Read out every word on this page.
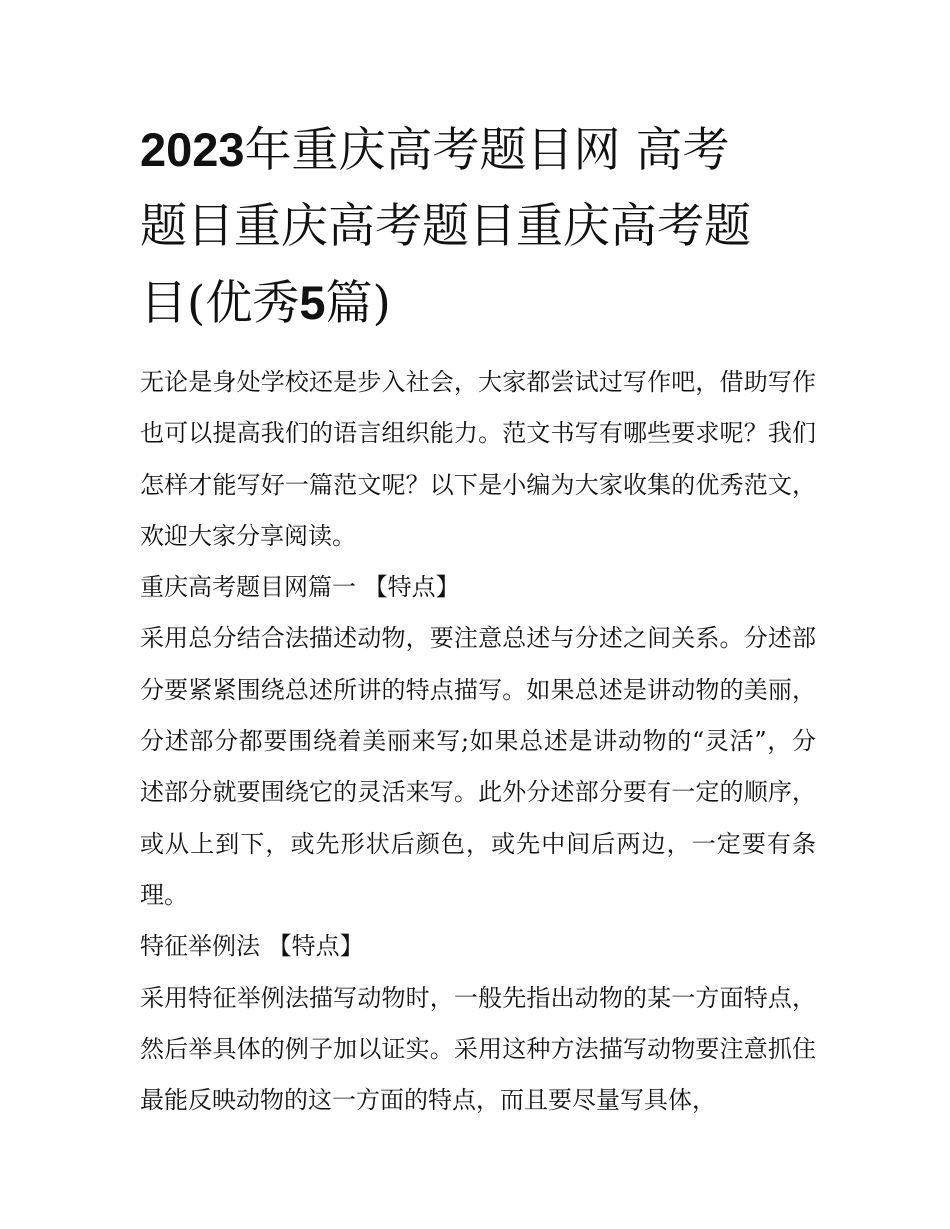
2023年重庆高考题目网 高考
题目重庆高考题目重庆高考题
目(优秀5篇)

无论是身处学校还是步入社会，大家都尝试过写作吧，借助写作也可以提高我们的语言组织能力。范文书写有哪些要求呢？我们怎样才能写好一篇范文呢？以下是小编为大家收集的优秀范文，欢迎大家分享阅读。

重庆高考题目网篇一 【特点】

采用总分结合法描述动物，要注意总述与分述之间关系。分述部分要紧紧围绕总述所讲的特点描写。如果总述是讲动物的美丽，分述部分都要围绕着美丽来写;如果总述是讲动物的“灵活”，分述部分就要围绕它的灵活来写。此外分述部分要有一定的顺序，或从上到下，或先形状后颜色，或先中间后两边，一定要有条理。

特征举例法 【特点】

采用特征举例法描写动物时，一般先指出动物的某一方面特点，然后举具体的例子加以证实。采用这种方法描写动物要注意抓住最能反映动物的这一方面的特点，而且要尽量写具体，
